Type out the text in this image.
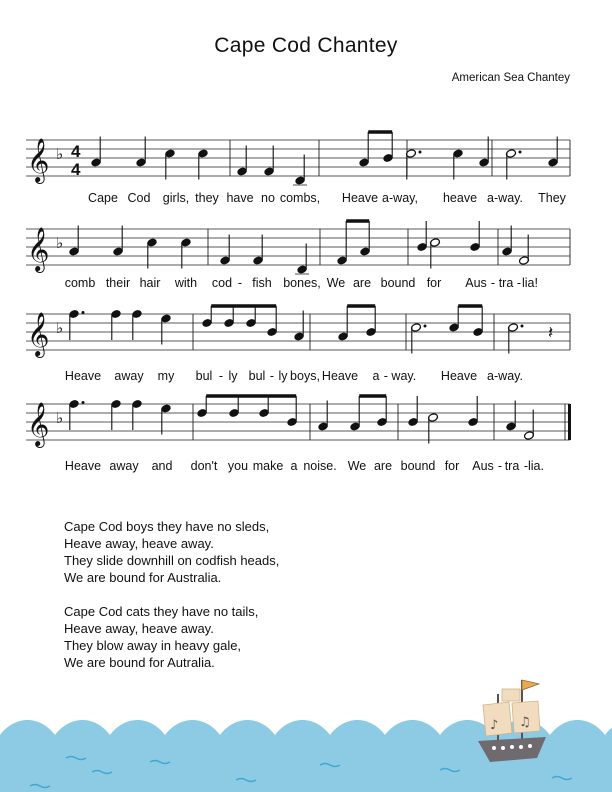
Cape Cod Chantey
American Sea Chantey
𝄞 ♭ 4
4
𝄞 ♭
𝄞 ♭	𝄽
𝄞 ♭
Cape Cod girls, they have no combs, Heave a-way, heave a-way. They
comb their hair with cod - fish bones, We are bound for Aus - tra - lia!
Heave away my bul - ly bul - ly boys, Heave a - way. Heave a-way.
Heave away and don't you make a noise. We are bound for Aus - tra - lia.
Cape Cod boys they have no sleds,
Heave away, heave away.
They slide downhill on codfish heads,
We are bound for Australia.
Cape Cod cats they have no tails,
Heave away, heave away.
They blow away in heavy gale,
We are bound for Autralia.
♪ ♫
